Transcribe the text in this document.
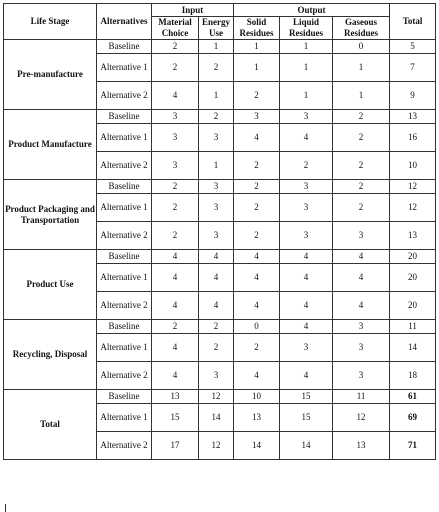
Life Stage	Alternatives	Input		Output			Total
		Material Choice	Energy Use	Solid Residues	Liquid Residues	Gaseous Residues	
Pre-manufacture	Baseline	2	1	1	1	0	5
	Alternative 1	2	2	1	1	1	7
	Alternative 2	4	1	2	1	1	9
Product Manufacture	Baseline	3	2	3	3	2	13
	Alternative 1	3	3	4	4	2	16
	Alternative 2	3	1	2	2	2	10
Product Packaging and Transportation	Baseline	2	3	2	3	2	12
	Alternative 1	2	3	2	3	2	12
	Alternative 2	2	3	2	3	3	13
Product Use	Baseline	4	4	4	4	4	20
	Alternative 1	4	4	4	4	4	20
	Alternative 2	4	4	4	4	4	20
Recycling, Disposal	Baseline	2	2	0	4	3	11
	Alternative 1	4	2	2	3	3	14
	Alternative 2	4	3	4	4	3	18
Total	Baseline	13	12	10	15	11	61
	Alternative 1	15	14	13	15	12	69
	Alternative 2	17	12	14	14	13	71
